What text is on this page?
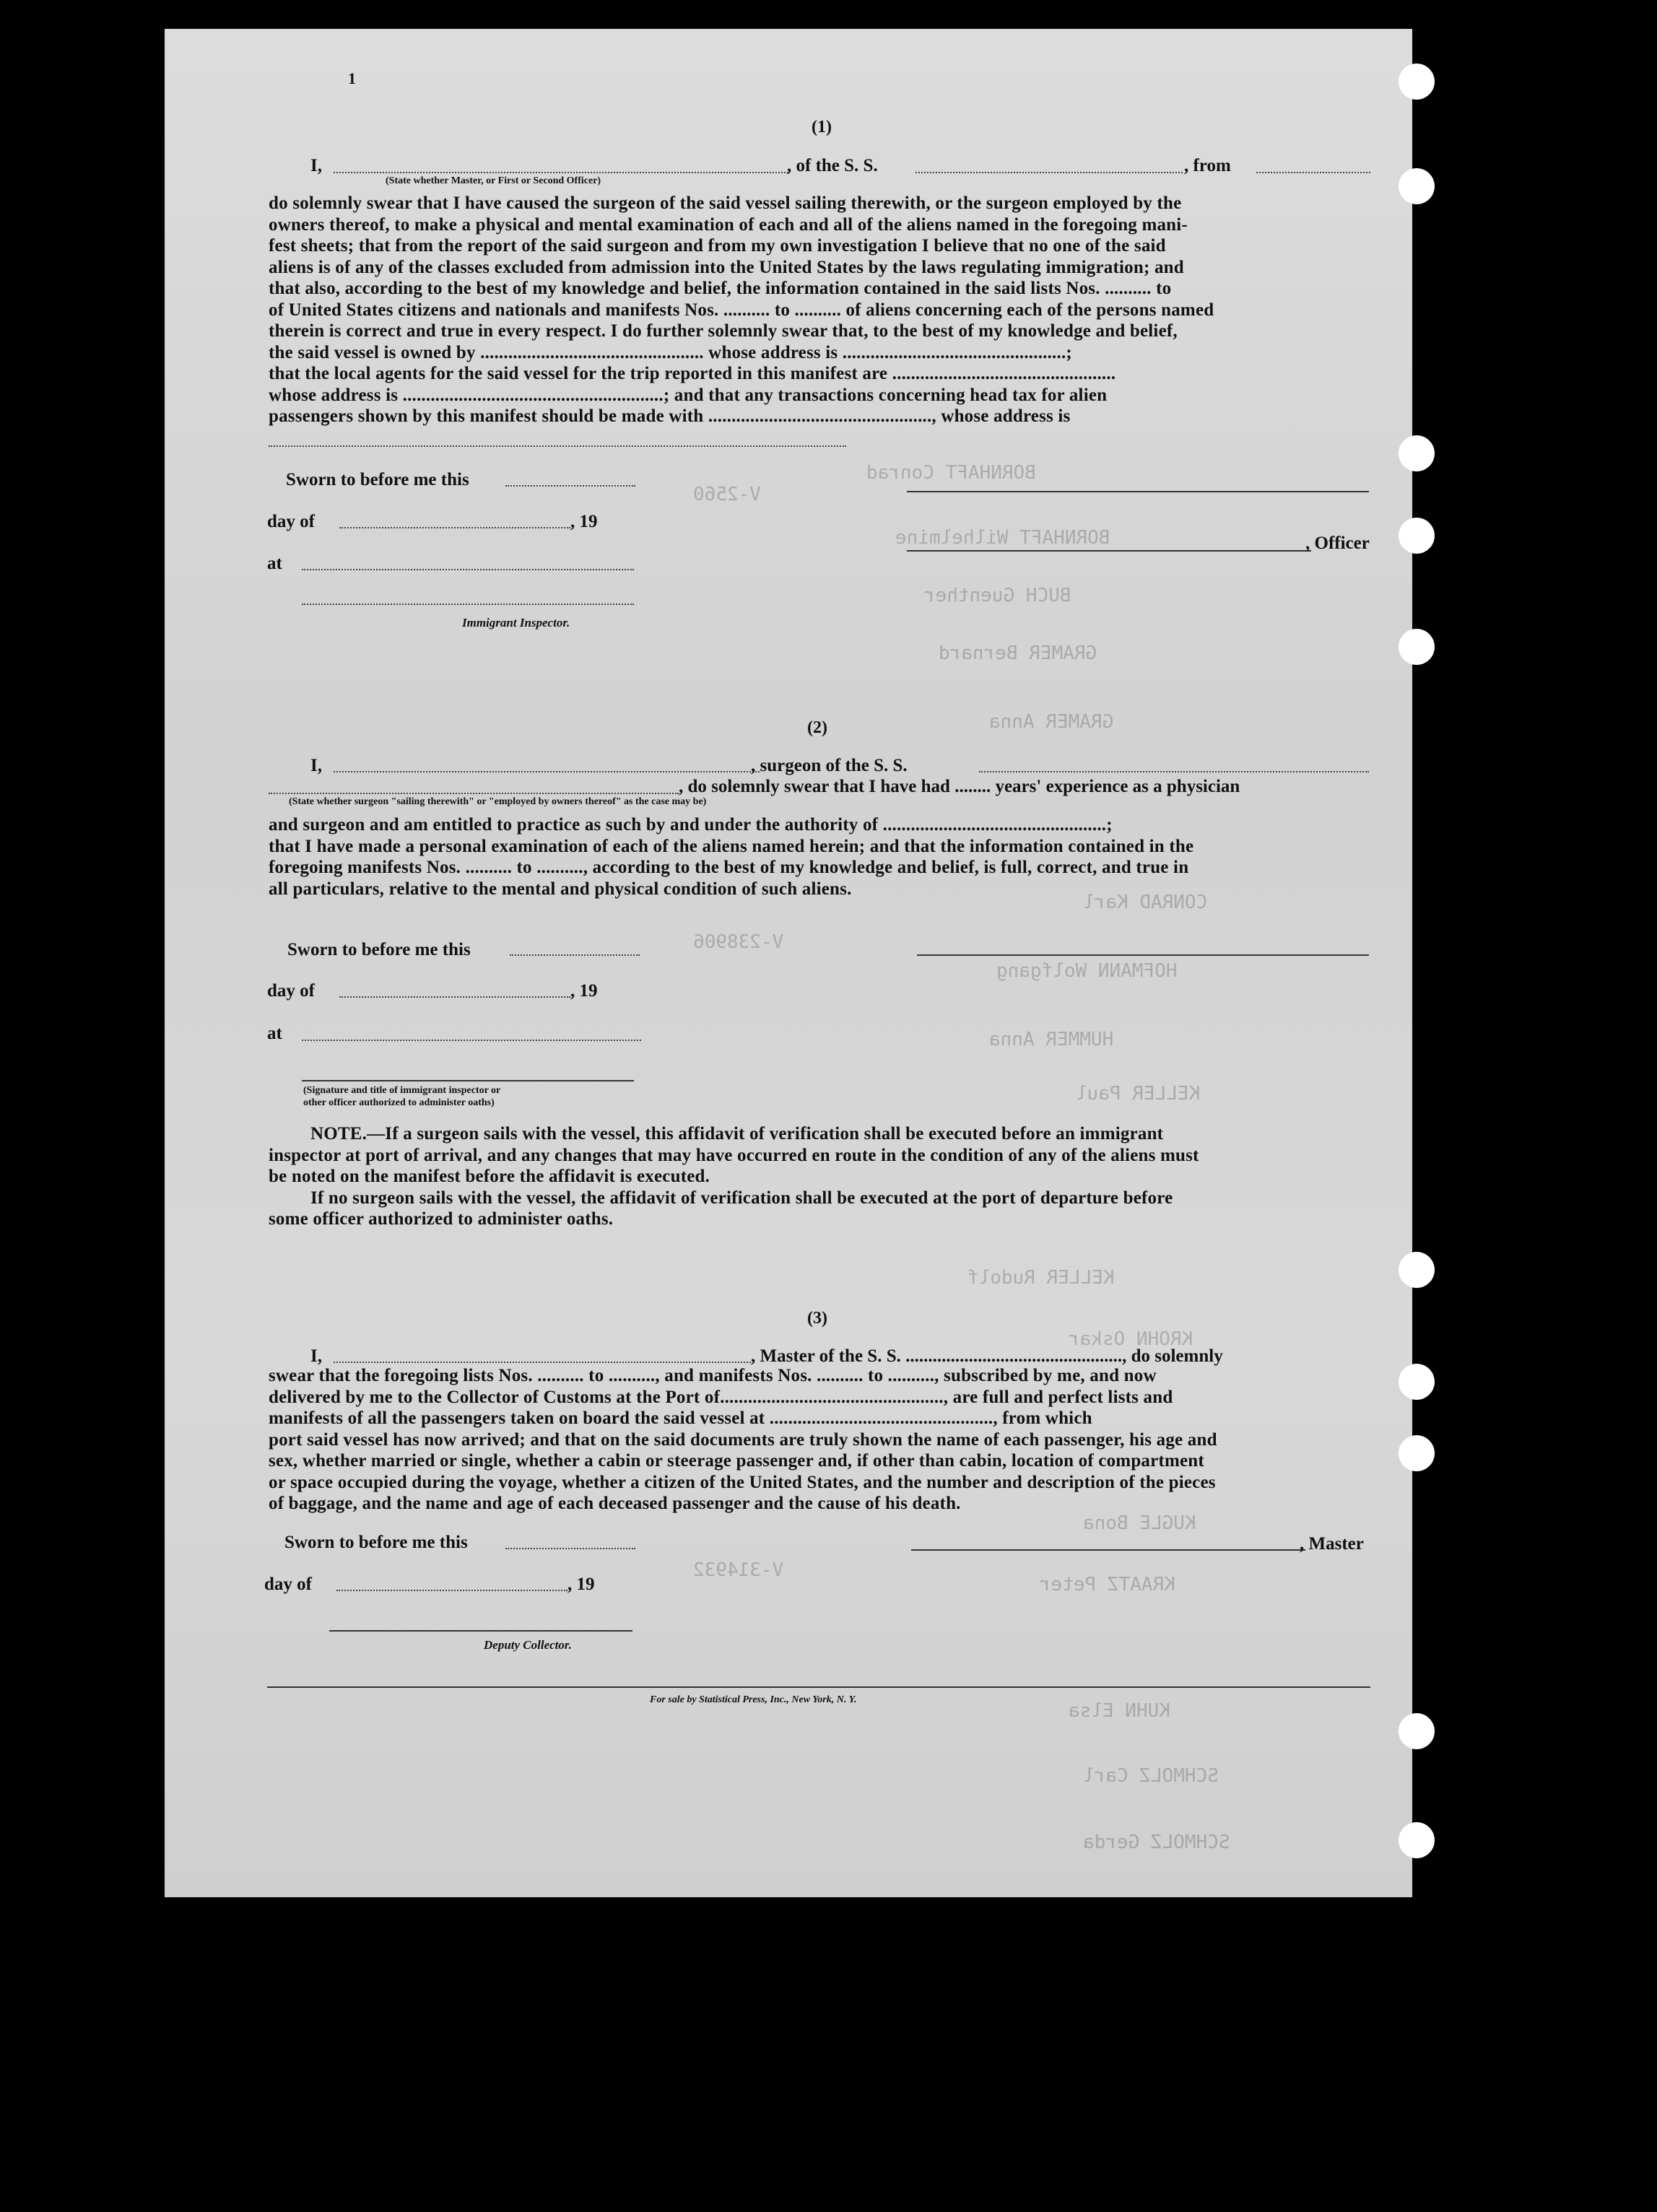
BORNHAFT Conrad
BORNHAFT Wilhelmine
BUCH Guenther
GRAMER Bernard
GRAMER Anna
CONRAD Karl
HOFMANN Wolfgang
HUMMER Anna
KELLER Paul
KELLER Rudolf
KROHN Oskar
KUGLE Bona
KRAATZ Peter
KUHN Elsa
SCHMOLZ Carl
SCHMOLZ Gerda
V-2560
V-238906
V-314932
1
(1)
I,	, of the S. S.	, from
(State whether Master, or First or Second Officer)
do solemnly swear that I have caused the surgeon of the said vessel sailing therewith, or the surgeon employed by the
owners thereof, to make a physical and mental examination of each and all of the aliens named in the foregoing mani-
fest sheets; that from the report of the said surgeon and from my own investigation I believe that no one of the said
aliens is of any of the classes excluded from admission into the United States by the laws regulating immigration; and
that also, according to the best of my knowledge and belief, the information contained in the said lists Nos. .......... to
of United States citizens and nationals and manifests Nos. .......... to .......... of aliens concerning each of the persons named
therein is correct and true in every respect. I do further solemnly swear that, to the best of my knowledge and belief,
the said vessel is owned by ................................................ whose address is ................................................;
that the local agents for the said vessel for the trip reported in this manifest are ................................................
whose address is ........................................................; and that any transactions concerning head tax for alien
passengers shown by this manifest should be made with ................................................, whose address is
Sworn to before me this
day of	, 19
, Officer
at
Immigrant Inspector.
(2)
I,	, surgeon of the S. S.
, do solemnly swear that I have had ........ years' experience as a physician
(State whether surgeon "sailing therewith" or "employed by owners thereof" as the case may be)
and surgeon and am entitled to practice as such by and under the authority of ................................................;
that I have made a personal examination of each of the aliens named herein; and that the information contained in the
foregoing manifests Nos. .......... to .........., according to the best of my knowledge and belief, is full, correct, and true in
all particulars, relative to the mental and physical condition of such aliens.
Sworn to before me this
day of	, 19
at
(Signature and title of immigrant inspector or
other officer authorized to administer oaths)
NOTE.—If a surgeon sails with the vessel, this affidavit of verification shall be executed before an immigrant
inspector at port of arrival, and any changes that may have occurred en route in the condition of any of the aliens must
be noted on the manifest before the affidavit is executed.
If no surgeon sails with the vessel, the affidavit of verification shall be executed at the port of departure before
some officer authorized to administer oaths.
(3)
I,	, Master of the S. S. ................................................, do solemnly
swear that the foregoing lists Nos. .......... to .........., and manifests Nos. .......... to .........., subscribed by me, and now
delivered by me to the Collector of Customs at the Port of................................................, are full and perfect lists and
manifests of all the passengers taken on board the said vessel at ................................................, from which
port said vessel has now arrived; and that on the said documents are truly shown the name of each passenger, his age and
sex, whether married or single, whether a cabin or steerage passenger and, if other than cabin, location of compartment
or space occupied during the voyage, whether a citizen of the United States, and the number and description of the pieces
of baggage, and the name and age of each deceased passenger and the cause of his death.
Sworn to before me this	, Master
day of	, 19
Deputy Collector.
For sale by Statistical Press, Inc., New York, N. Y.
